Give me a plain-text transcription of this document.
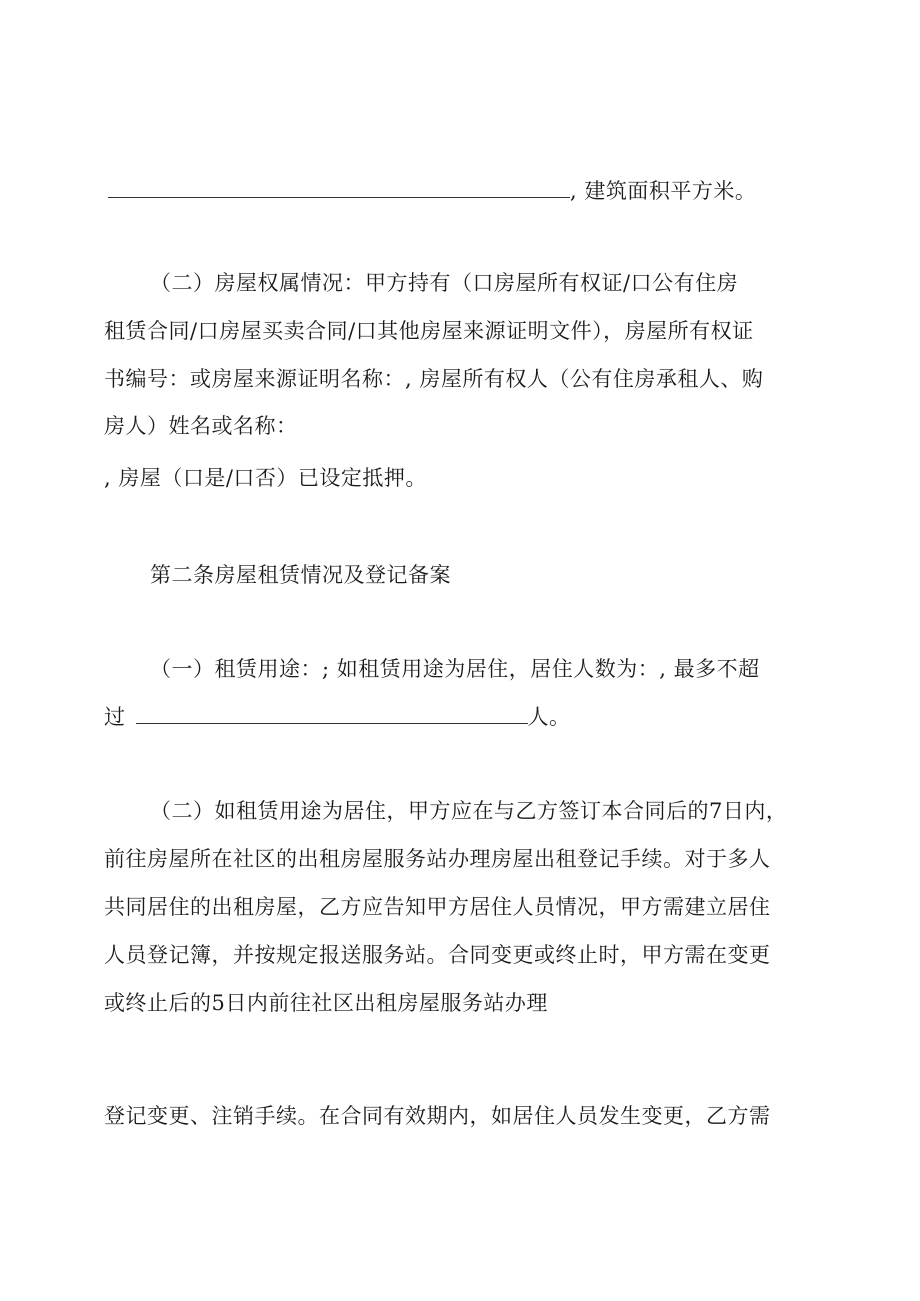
, 建筑面积平方米。
（二）房屋权属情况：甲方持有（口房屋所有权证/口公有住房
租赁合同/口房屋买卖合同/口其他房屋来源证明文件），房屋所有权证
书编号：或房屋来源证明名称：, 房屋所有权人（公有住房承租人、购
房人）姓名或名称：
, 房屋（口是/口否）已设定抵押。
第二条房屋租赁情况及登记备案
（一）租赁用途：; 如租赁用途为居住，居住人数为：, 最多不超
过	人。
（二）如租赁用途为居住，甲方应在与乙方签订本合同后的7日内，
前往房屋所在社区的出租房屋服务站办理房屋出租登记手续。对于多人
共同居住的出租房屋，乙方应告知甲方居住人员情况，甲方需建立居住
人员登记簿，并按规定报送服务站。合同变更或终止时，甲方需在变更
或终止后的5日内前往社区出租房屋服务站办理
登记变更、注销手续。在合同有效期内，如居住人员发生变更，乙方需
